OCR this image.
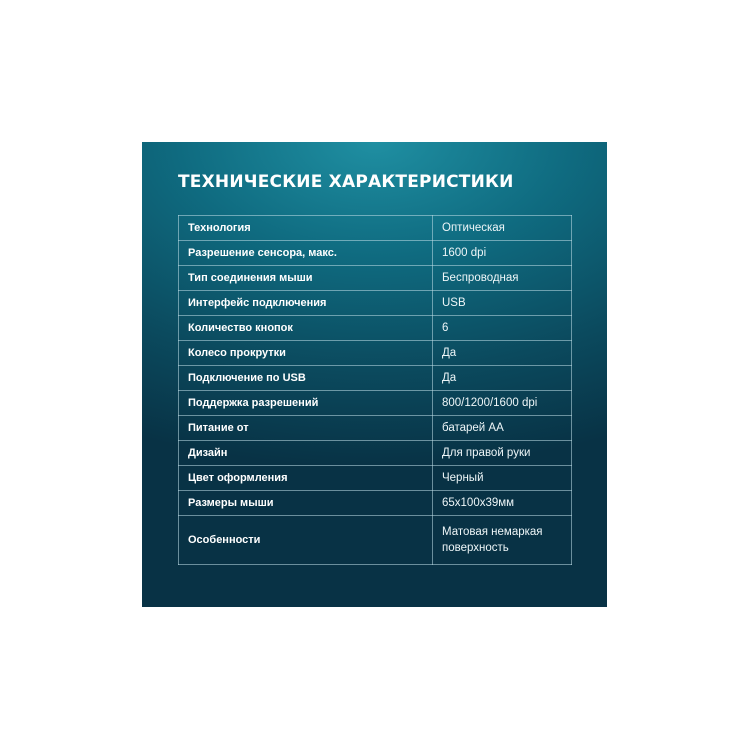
ТЕХНИЧЕСКИЕ ХАРАКТЕРИСТИКИ
Технология	Оптическая
Разрешение сенсора, макс.	1600 dpi
Тип соединения мыши	Беспроводная
Интерфейс подключения	USB
Количество кнопок	6
Колесо прокрутки	Да
Подключение по USB	Да
Поддержка разрешений	800/1200/1600 dpi
Питание от	батарей АА
Дизайн	Для правой руки
Цвет оформления	Черный
Размеры мыши	65х100х39мм
Особенности	Матовая немаркая поверхность
